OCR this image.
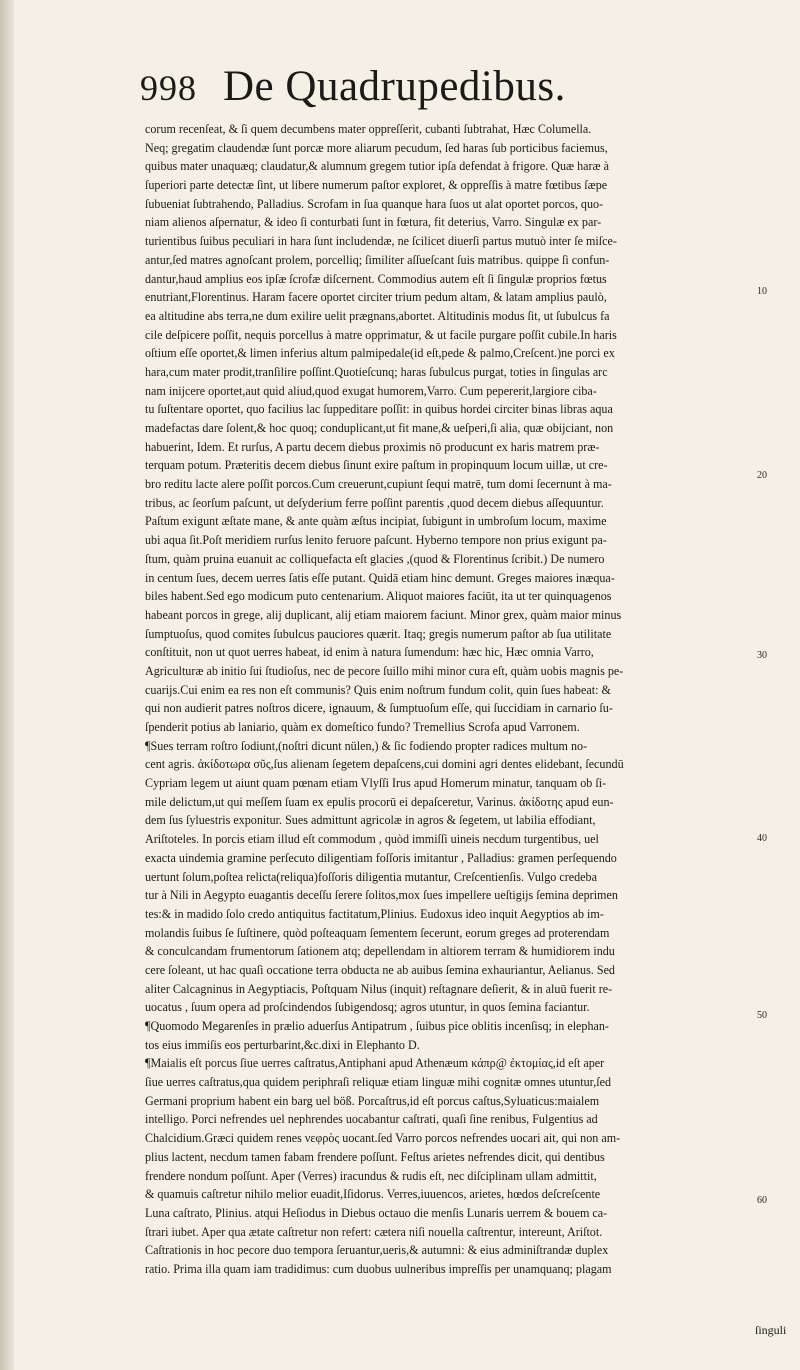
998 De Quadrupedibus.
corum recenſeat, & ſi quem decumbens mater oppreſſerit, cubanti ſubtrahat, Hæc Columella.
Neq; gregatim claudendæ ſunt porcæ more aliarum pecudum, ſed haras ſub porticibus faciemus,
quibus mater unaquæq; claudatur,& alumnum gregem tutior ipſa defendat à frigore. Quæ haræ à
ſuperiori parte detectæ ſint, ut libere numerum paſtor exploret, & oppreſſis à matre fœtibus ſæpe
ſubueniat ſubtrahendo, Palladius. Scrofam in ſua quanque hara ſuos ut alat oportet porcos, quo-
niam alienos aſpernatur, & ideo ſi conturbati ſunt in fœtura, fit deterius, Varro. Singulæ ex par-
turientibus ſuibus peculiari in hara ſunt includendæ, ne ſcilicet diuerſi partus mutuò inter ſe miſce-
antur,ſed matres agnoſcant prolem, porcelliq; ſimiliter aſſueſcant ſuis matribus. quippe ſi confun-
dantur,haud amplius eos ipſæ ſcrofæ diſcernent. Commodius autem eſt ſi ſingulæ proprios fœtus
enutriant,Florentinus. Haram facere oportet circiter trium pedum altam, & latam amplius paulò,
ea altitudine abs terra,ne dum exilire uelit prægnans,abortet. Altitudinis modus ſit, ut ſubulcus fa
cile deſpicere poſſit, nequis porcellus à matre opprimatur, & ut facile purgare poſſit cubile.In haris
oſtium eſſe oportet,& limen inferius altum palmipedale(id eſt,pede & palmo,Creſcent.)ne porci ex
hara,cum mater prodit,tranſilire poſſint.Quotieſcunq; haras ſubulcus purgat, toties in ſingulas arc
nam inijcere oportet,aut quid aliud,quod exugat humorem,Varro. Cum pepererit,largiore ciba-
tu ſuſtentare oportet, quo facilius lac ſuppeditare poſſit: in quibus hordei circiter binas libras aqua
madefactas dare ſolent,& hoc quoq; conduplicant,ut fit mane,& ueſperi,ſi alia, quæ obijciant, non
habuerint, Idem. Et rurſus, A partu decem diebus proximis nō producunt ex haris matrem præ-
terquam potum. Præteritis decem diebus ſinunt exire paſtum in propinquum locum uillæ, ut cre-
bro reditu lacte alere poſſit porcos.Cum creuerunt,cupiunt ſequi matrē, tum domi ſecernunt à ma-
tribus, ac ſeorſum paſcunt, ut deſyderium ferre poſſint parentis ,quod decem diebus aſſequuntur.
Paſtum exigunt æſtate mane, & ante quàm æſtus incipiat, ſubigunt in umbroſum locum, maxime
ubi aqua ſit.Poſt meridiem rurſus lenito feruore paſcunt. Hyberno tempore non prius exigunt pa-
ſtum, quàm pruina euanuit ac colliquefacta eſt glacies ,(quod & Florentinus ſcribit.) De numero
in centum ſues, decem uerres ſatis eſſe putant. Quidā etiam hinc demunt. Greges maiores inæqua-
biles habent.Sed ego modicum puto centenarium. Aliquot maiores faciūt, ita ut ter quinquagenos
habeant porcos in grege, alij duplicant, alij etiam maiorem faciunt. Minor grex, quàm maior minus
ſumptuoſus, quod comites ſubulcus pauciores quærit. Itaq; gregis numerum paſtor ab ſua utilitate
conſtituit, non ut quot uerres habeat, id enim à natura ſumendum: hæc hic, Hæc omnia Varro,
Agriculturæ ab initio ſui ſtudioſus, nec de pecore ſuillo mihi minor cura eſt, quàm uobis magnis pe-
cuarijs.Cui enim ea res non eſt communis? Quis enim noſtrum fundum colit, quin ſues habeat: &
qui non audierit patres noſtros dicere, ignauum, & ſumptuoſum eſſe, qui ſuccidiam in carnario ſu-
ſpenderit potius ab laniario, quàm ex domeſtico fundo? Tremellius Scrofa apud Varronem.
¶Sues terram roſtro ſodiunt,(noſtri dicunt nülen,) & ſic fodiendo propter radices multum no-
cent agris. ἀκίδοτωρα σῦς,ſus alienam ſegetem depaſcens,cui domini agri dentes elidebant, ſecundū
Cypriam legem ut aiunt quam pœnam etiam Vlyſſi Irus apud Homerum minatur, tanquam ob ſi-
mile delictum,ut qui meſſem ſuam ex epulis procorū ei depaſceretur, Varinus. ἀκίδοτης apud eun-
dem ſus ſyluestris exponitur. Sues admittunt agricolæ in agros & ſegetem, ut labilia effodiant,
Ariſtoteles. In porcis etiam illud eſt commodum , quòd immiſſi uineis necdum turgentibus, uel
exacta uindemia gramine perſecuto diligentiam foſſoris imitantur , Palladius: gramen perſequendo
uertunt ſolum,poſtea relicta(reliqua)foſſoris diligentia mutantur, Creſcentienſis. Vulgo credeba
tur à Nili in Aegypto euagantis deceſſu ſerere ſolitos,mox ſues impellere ueſtigijs ſemina deprimen
tes:& in madido ſolo credo antiquitus factitatum,Plinius. Eudoxus ideo inquit Aegyptios ab im-
molandis ſuibus ſe ſuſtinere, quòd poſteaquam ſementem ſecerunt, eorum greges ad proterendam
& conculcandam frumentorum ſationem atq; depellendam in altiorem terram & humidiorem indu
cere ſoleant, ut hac quaſi occatione terra obducta ne ab auibus ſemina exhauriantur, Aelianus. Sed
aliter Calcagninus in Aegyptiacis, Poſtquam Nilus (inquit) reſtagnare deſierit, & in aluū fuerit re-
uocatus , ſuum opera ad proſcindendos ſubigendosq; agros utuntur, in quos ſemina faciantur.
¶Quomodo Megarenſes in prælio aduerſus Antipatrum , ſuibus pice oblitis incenſisq; in elephan-
tos eius immiſis eos perturbarint,&c.dixi in Elephanto D.
¶Maialis eſt porcus ſiue uerres caſtratus,Antiphani apud Athenæum κάπρ@ ἐκτομίας,id eſt aper
ſiue uerres caſtratus,qua quidem periphraſi reliquæ etiam linguæ mihi cognitæ omnes utuntur,ſed
Germani proprium habent ein barg uel böß. Porcaſtrus,id eſt porcus caſtus,Syluaticus:maialem
intelligo. Porci nefrendes uel nephrendes uocabantur caſtrati, quaſi ſine renibus, Fulgentius ad
Chalcidium.Græci quidem renes νεφρὸς uocant.ſed Varro porcos nefrendes uocari ait, qui non am-
plius lactent, necdum tamen fabam frendere poſſunt. Feſtus arietes nefrendes dicit, qui dentibus
frendere nondum poſſunt. Aper (Verres) iracundus & rudis eſt, nec diſciplinam ullam admittit,
& quamuis caſtretur nihilo melior euadit,Iſidorus. Verres,iuuencos, arietes, hœdos deſcreſcente
Luna caſtrato, Plinius. atqui Heſiodus in Diebus octauo die menſis Lunaris uerrem & bouem ca-
ſtrari iubet. Aper qua ætate caſtretur non refert: cætera niſi nouella caſtrentur, intereunt, Ariſtot.
Caſtrationis in hoc pecore duo tempora ſeruantur,ueris,& autumni: & eius adminiſtrandæ duplex
ratio. Prima illa quam iam tradidimus: cum duobus uulneribus impreſſis per unamquanq; plagam
10
20
30
40
50
60
ſinguli
